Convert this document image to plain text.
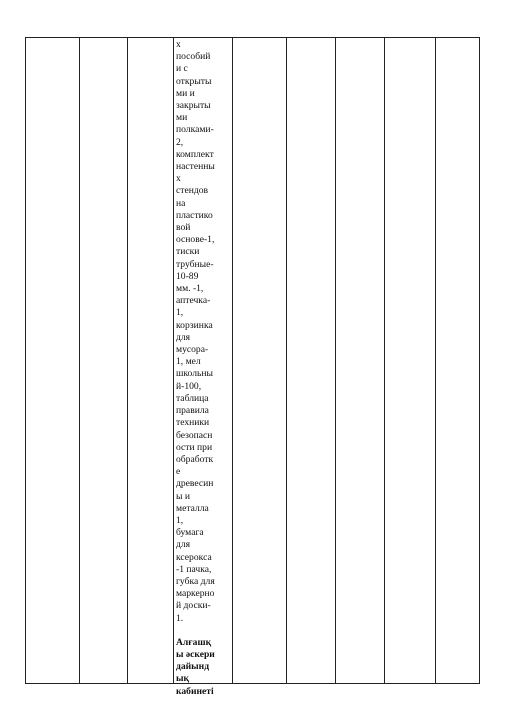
х
пособий
и с
открыты
ми и
закрыты
ми
полками-
2,
комплект
настенны
х
стендов
на
пластико
вой
основе-1,
тиски
трубные-
10-89
мм. -1,
аптечка-
1,
корзинка
для
мусора-
1, мел
школьны
й-100,
таблица
правила
техники
безопасн
ости при
обработк
е
древесин
ы и
металла
1,
бумага
для
ксерокса
-1 пачка,
губка для
маркерно
й доски-
1.
Алғашқ
ы әскери
дайынд
ық
кабинеті
